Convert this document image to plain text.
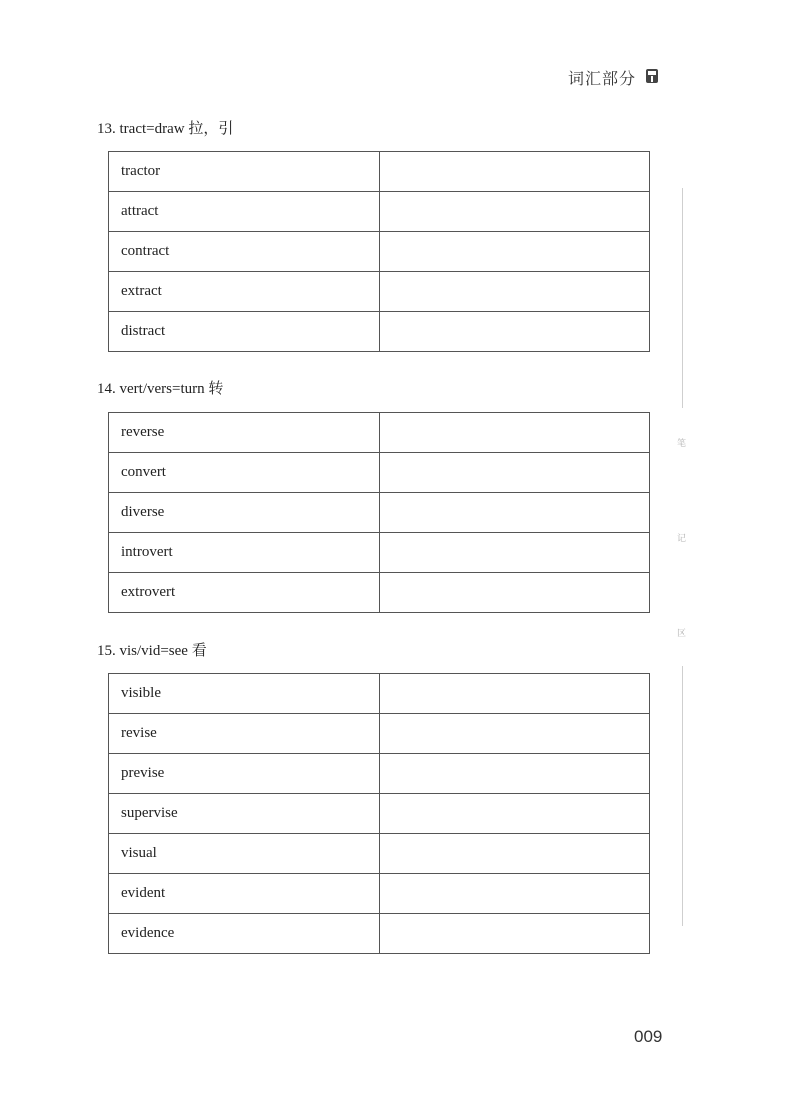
词汇部分
13. tract=draw 拉，引
tractor	
attract	
contract	
extract	
distract	
14. vert/vers=turn 转
reverse	
convert	
diverse	
introvert	
extrovert	
15. vis/vid=see 看
visible	
revise	
previse	
supervise	
visual	
evident	
evidence	
笔
记
区
009
